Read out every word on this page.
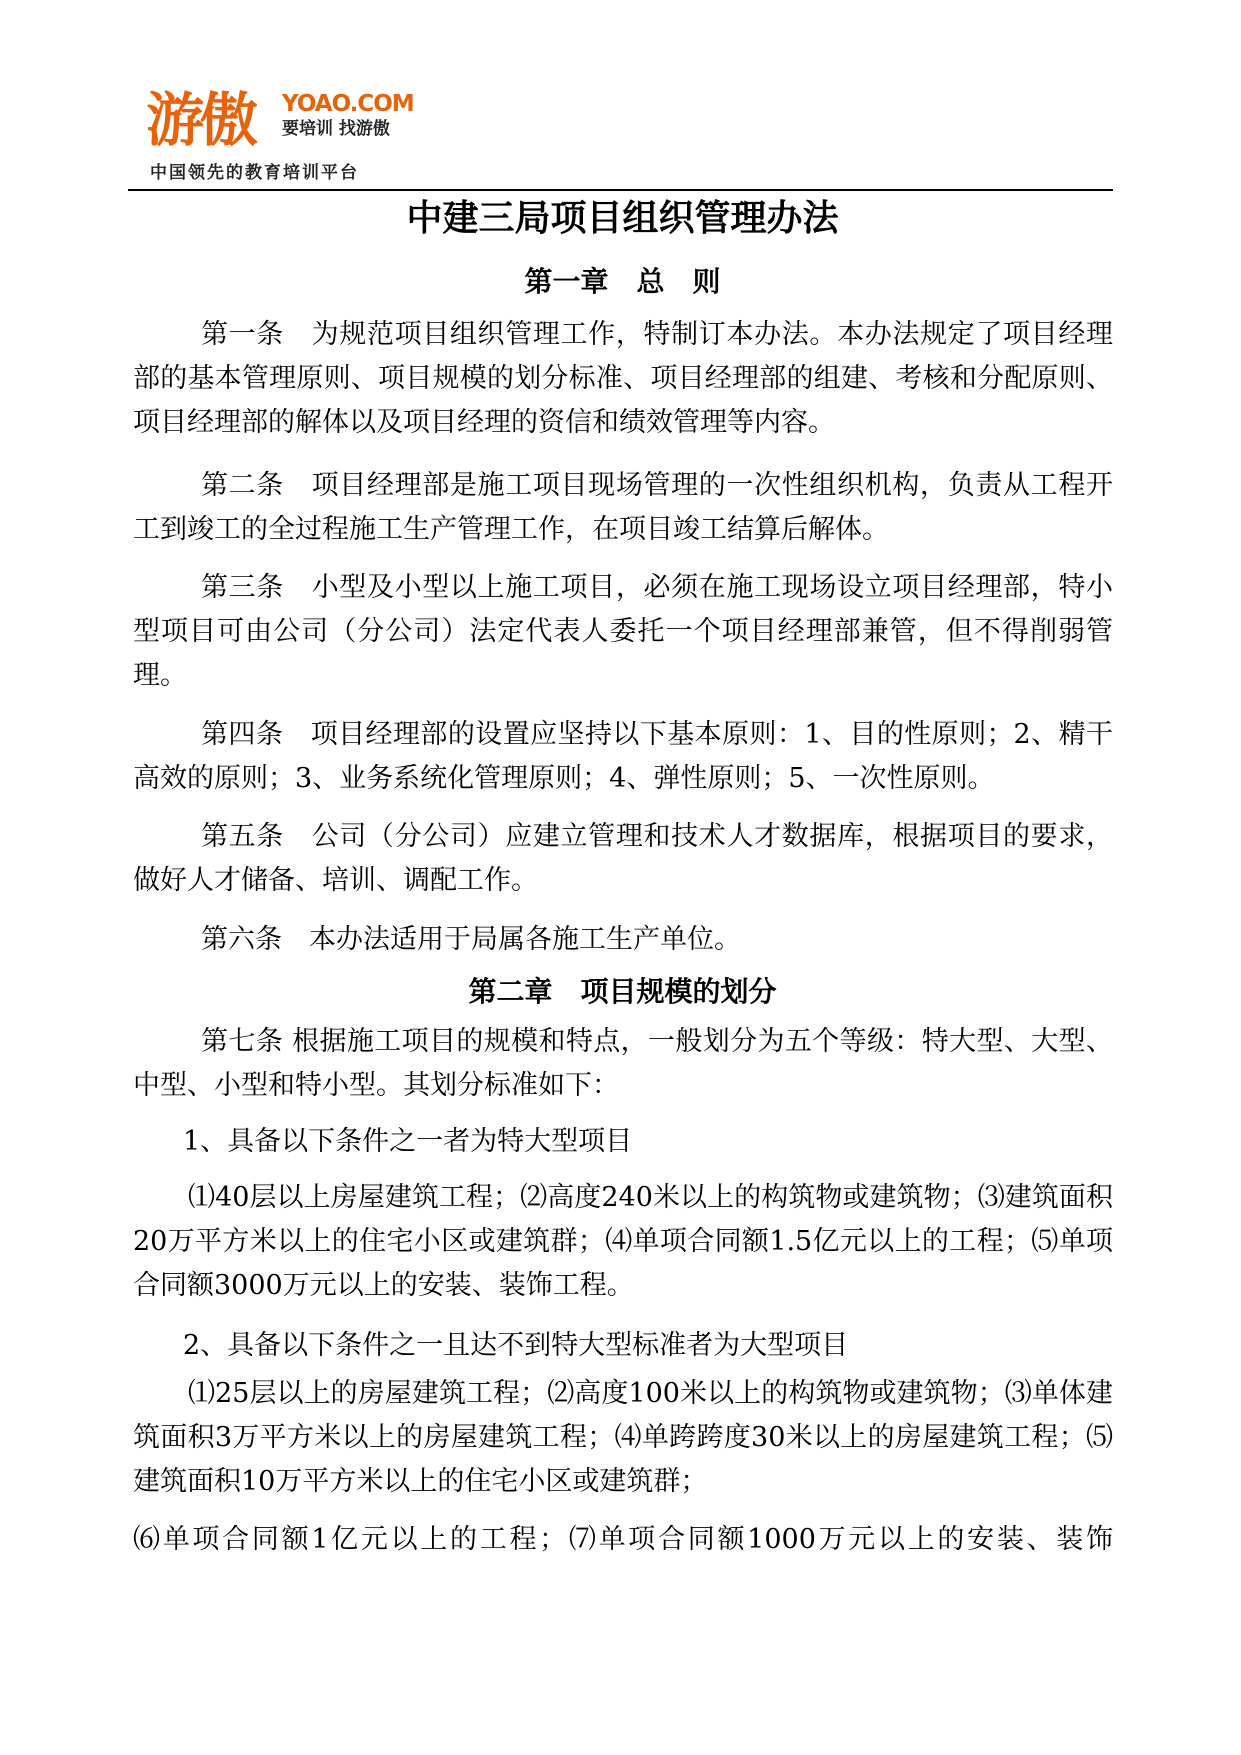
游傲 YOAO.COM
要培训 找游傲
中国领先的教育培训平台
中建三局项目组织管理办法
第一章　总　则

第一条　为规范项目组织管理工作，特制订本办法。本办法规定了项目经理部的基本管理原则、项目规模的划分标准、项目经理部的组建、考核和分配原则、项目经理部的解体以及项目经理的资信和绩效管理等内容。

第二条　项目经理部是施工项目现场管理的一次性组织机构，负责从工程开工到竣工的全过程施工生产管理工作，在项目竣工结算后解体。

第三条　小型及小型以上施工项目，必须在施工现场设立项目经理部，特小型项目可由公司（分公司）法定代表人委托一个项目经理部兼管，但不得削弱管理。

第四条　项目经理部的设置应坚持以下基本原则：1、目的性原则；2、精干高效的原则；3、业务系统化管理原则；4、弹性原则；5、一次性原则。

第五条　公司（分公司）应建立管理和技术人才数据库，根据项目的要求，做好人才储备、培训、调配工作。

第六条　本办法适用于局属各施工生产单位。

第二章　项目规模的划分

第七条 根据施工项目的规模和特点，一般划分为五个等级：特大型、大型、中型、小型和特小型。其划分标准如下：

1、具备以下条件之一者为特大型项目

⑴40层以上房屋建筑工程；⑵高度240米以上的构筑物或建筑物；⑶建筑面积20万平方米以上的住宅小区或建筑群；⑷单项合同额1.5亿元以上的工程；⑸单项合同额3000万元以上的安装、装饰工程。

2、具备以下条件之一且达不到特大型标准者为大型项目

⑴25层以上的房屋建筑工程；⑵高度100米以上的构筑物或建筑物；⑶单体建筑面积3万平方米以上的房屋建筑工程；⑷单跨跨度30米以上的房屋建筑工程；⑸建筑面积10万平方米以上的住宅小区或建筑群；

⑹单项合同额1亿元以上的工程；⑺单项合同额1000万元以上的安装、装饰
